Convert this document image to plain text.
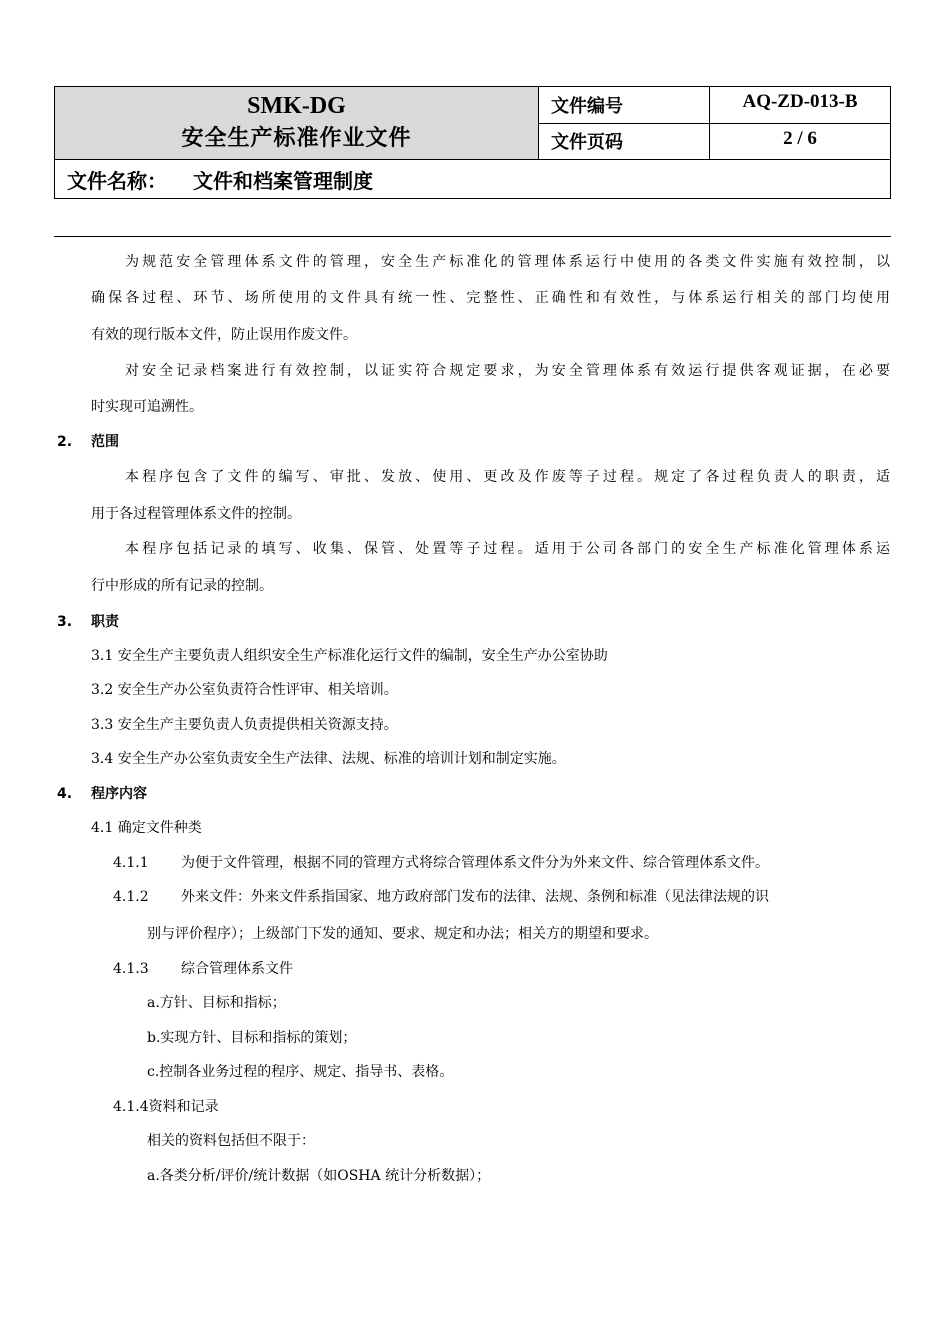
SMK-DG
安全生产标准作业文件	文件编号	AQ-ZD-013-B

	文件页码	2 / 6

文件名称： 文件和档案管理制度		
为规范安全管理体系文件的管理，安全生产标准化的管理体系运行中使用的各类文件实施有效控制，以
确保各过程、环节、场所使用的文件具有统一性、完整性、正确性和有效性，与体系运行相关的部门均使用
有效的现行版本文件，防止误用作废文件。
对安全记录档案进行有效控制，以证实符合规定要求，为安全管理体系有效运行提供客观证据，在必要
时实现可追溯性。
2. 范围
本程序包含了文件的编写、审批、发放、使用、更改及作废等子过程。规定了各过程负责人的职责，适
用于各过程管理体系文件的控制。
本程序包括记录的填写、收集、保管、处置等子过程。适用于公司各部门的安全生产标准化管理体系运
行中形成的所有记录的控制。
3. 职责
3.1 安全生产主要负责人组织安全生产标准化运行文件的编制，安全生产办公室协助
3.2 安全生产办公室负责符合性评审、相关培训。
3.3 安全生产主要负责人负责提供相关资源支持。
3.4 安全生产办公室负责安全生产法律、法规、标准的培训计划和制定实施。
4. 程序内容
4.1 确定文件种类
4.1.1 为便于文件管理，根据不同的管理方式将综合管理体系文件分为外来文件、综合管理体系文件。
4.1.2 外来文件：外来文件系指国家、地方政府部门发布的法律、法规、条例和标准（见法律法规的识
别与评价程序）；上级部门下发的通知、要求、规定和办法；相关方的期望和要求。
4.1.3 综合管理体系文件
a.方针、目标和指标；
b.实现方针、目标和指标的策划；
c.控制各业务过程的程序、规定、指导书、表格。
4.1.4资料和记录
相关的资料包括但不限于：
a.各类分析/评价/统计数据（如OSHA 统计分析数据）；
